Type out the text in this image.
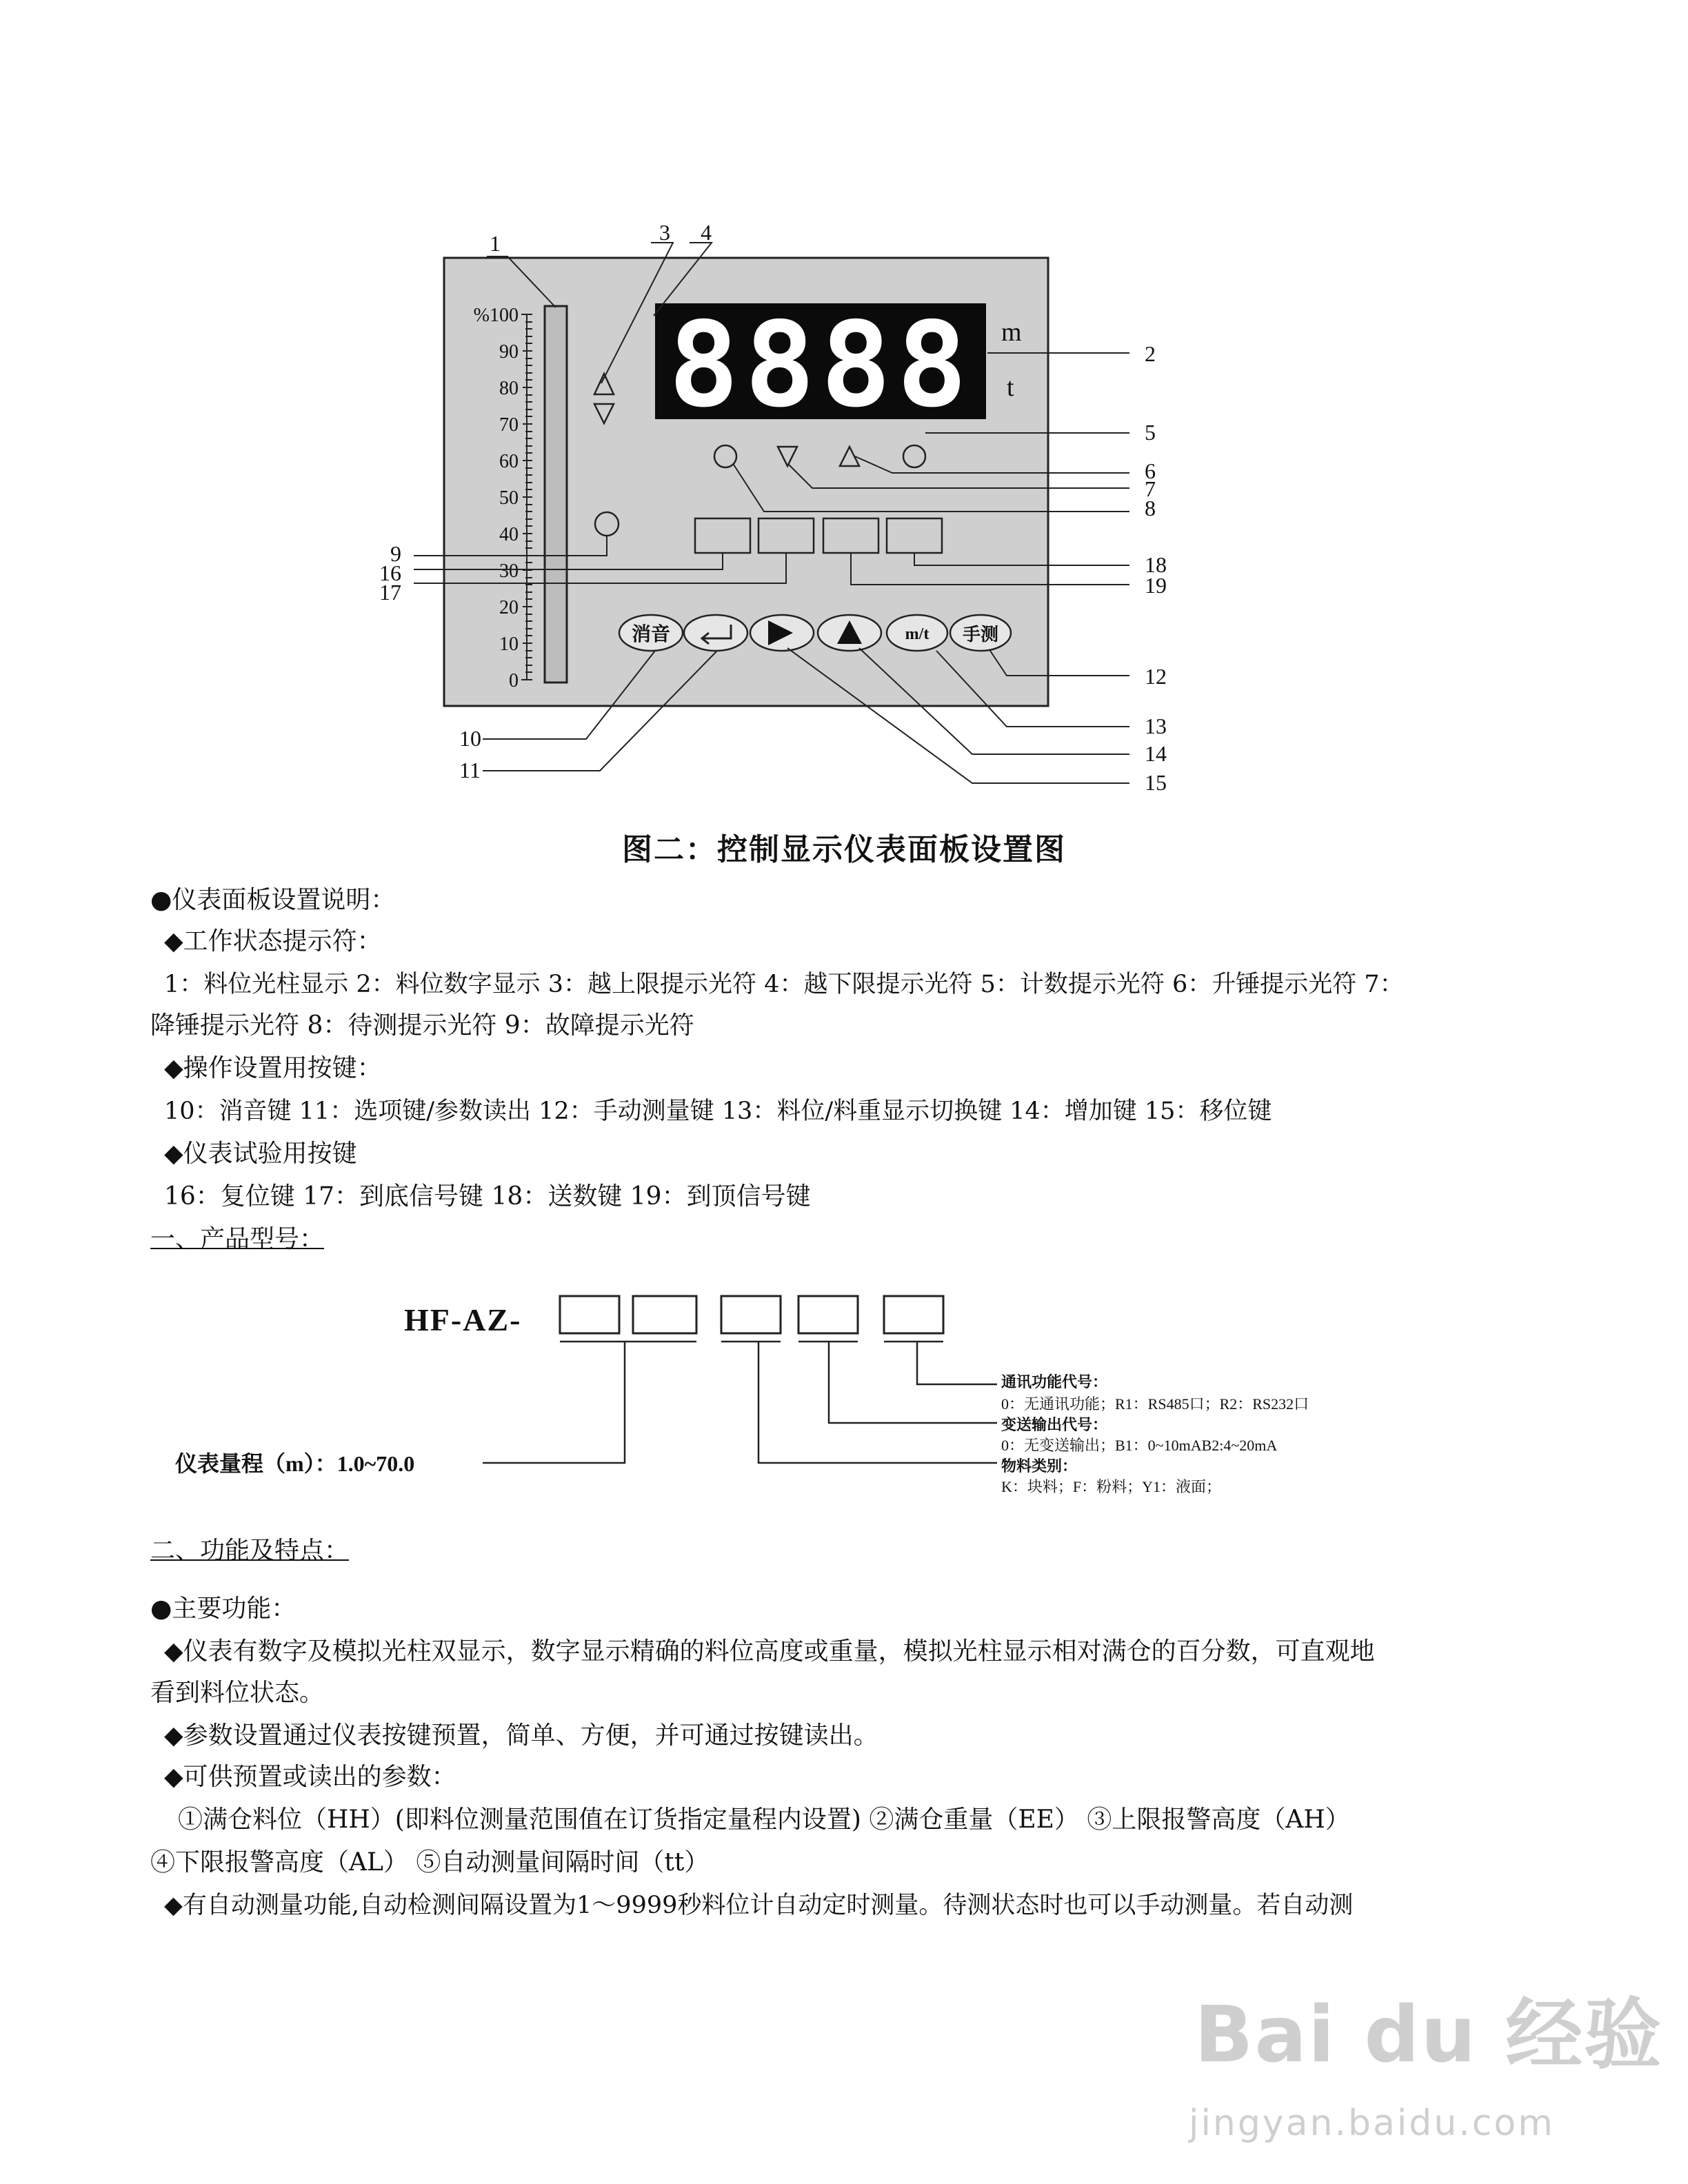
%100
90
80
70
60
50
40
30
20
10
0
8888 m
t
消音	m/t 手测
1	3 4
2
5
6
7
8
9
16
17
18
19
12
13
14
15
10
11
图二：控制显示仪表面板设置图
●仪表面板设置说明：
◆工作状态提示符：
1：料位光柱显示 2：料位数字显示 3：越上限提示光符 4：越下限提示光符 5：计数提示光符 6：升锤提示光符 7：
降锤提示光符 8：待测提示光符 9：故障提示光符
◆操作设置用按键：
10：消音键 11：选项键/参数读出 12：手动测量键 13：料位/料重显示切换键 14：增加键 15：移位键
◆仪表试验用按键
16：复位键 17：到底信号键 18：送数键 19：到顶信号键
一、产品型号：
HF-AZ-
通讯功能代号：
0：无通讯功能；R1：RS485口；R2：RS232口
变送输出代号：
0：无变送输出；B1：0~10mAB2:4~20mA
物料类别：
K：块料；F：粉料；Y1：液面；
仪表量程（m）：1.0~70.0
二、功能及特点：
●主要功能：
◆仪表有数字及模拟光柱双显示，数字显示精确的料位高度或重量，模拟光柱显示相对满仓的百分数，可直观地
看到料位状态。
◆参数设置通过仪表按键预置，简单、方便，并可通过按键读出。
◆可供预置或读出的参数：
①满仓料位（HH）(即料位测量范围值在订货指定量程内设置) ②满仓重量（EE） ③上限报警高度（AH）
④下限报警高度（AL） ⑤自动测量间隔时间（tt）
◆有自动测量功能,自动检测间隔设置为1～9999秒料位计自动定时测量。待测状态时也可以手动测量。若自动测
Bai du 经验
jingyan.baidu.com
